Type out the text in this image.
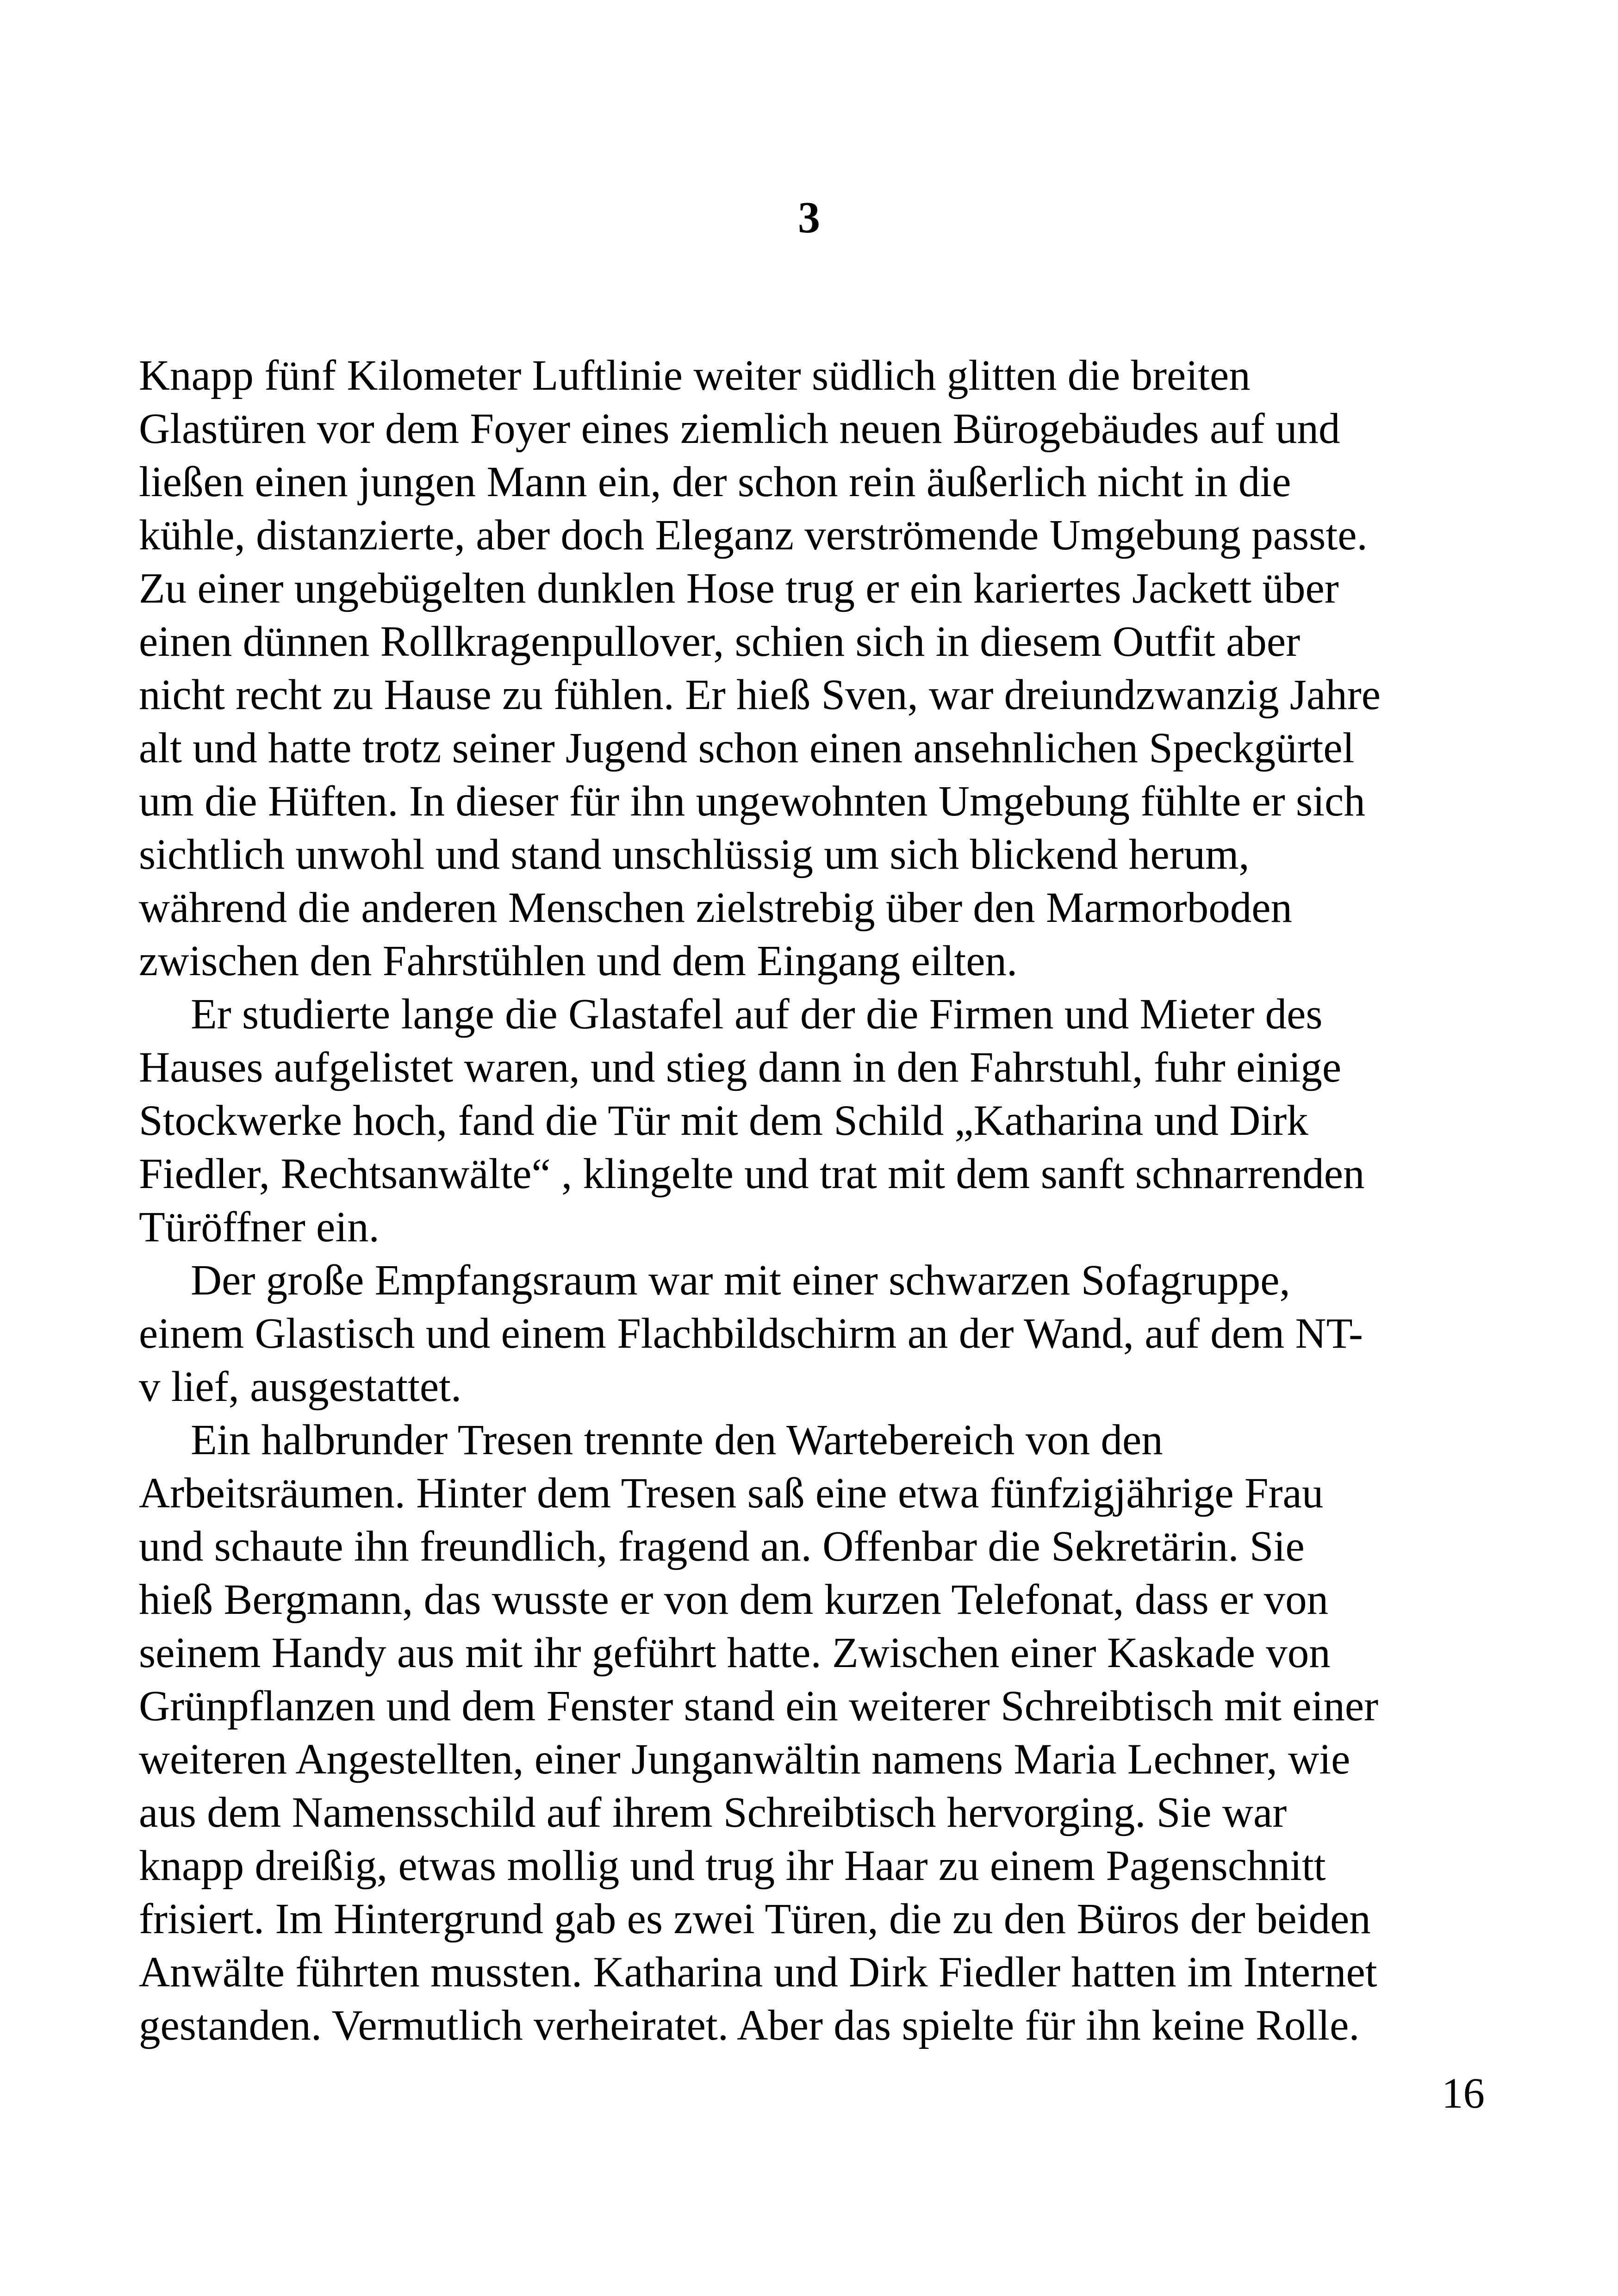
3
Knapp fünf Kilometer Luftlinie weiter südlich glitten die breiten
Glastüren vor dem Foyer eines ziemlich neuen Bürogebäudes auf und
ließen einen jungen Mann ein, der schon rein äußerlich nicht in die
kühle, distanzierte, aber doch Eleganz verströmende Umgebung passte.
Zu einer ungebügelten dunklen Hose trug er ein kariertes Jackett über
einen dünnen Rollkragenpullover, schien sich in diesem Outfit aber
nicht recht zu Hause zu fühlen. Er hieß Sven, war dreiundzwanzig Jahre
alt und hatte trotz seiner Jugend schon einen ansehnlichen Speckgürtel
um die Hüften. In dieser für ihn ungewohnten Umgebung fühlte er sich
sichtlich unwohl und stand unschlüssig um sich blickend herum,
während die anderen Menschen zielstrebig über den Marmorboden
zwischen den Fahrstühlen und dem Eingang eilten.
Er studierte lange die Glastafel auf der die Firmen und Mieter des
Hauses aufgelistet waren, und stieg dann in den Fahrstuhl, fuhr einige
Stockwerke hoch, fand die Tür mit dem Schild „Katharina und Dirk
Fiedler, Rechtsanwälte“ , klingelte und trat mit dem sanft schnarrenden
Türöffner ein.
Der große Empfangsraum war mit einer schwarzen Sofagruppe,
einem Glastisch und einem Flachbildschirm an der Wand, auf dem NT-
v lief, ausgestattet.
Ein halbrunder Tresen trennte den Wartebereich von den
Arbeitsräumen. Hinter dem Tresen saß eine etwa fünfzigjährige Frau
und schaute ihn freundlich, fragend an. Offenbar die Sekretärin. Sie
hieß Bergmann, das wusste er von dem kurzen Telefonat, dass er von
seinem Handy aus mit ihr geführt hatte. Zwischen einer Kaskade von
Grünpflanzen und dem Fenster stand ein weiterer Schreibtisch mit einer
weiteren Angestellten, einer Junganwältin namens Maria Lechner, wie
aus dem Namensschild auf ihrem Schreibtisch hervorging. Sie war
knapp dreißig, etwas mollig und trug ihr Haar zu einem Pagenschnitt
frisiert. Im Hintergrund gab es zwei Türen, die zu den Büros der beiden
Anwälte führten mussten. Katharina und Dirk Fiedler hatten im Internet
gestanden. Vermutlich verheiratet. Aber das spielte für ihn keine Rolle.
16
